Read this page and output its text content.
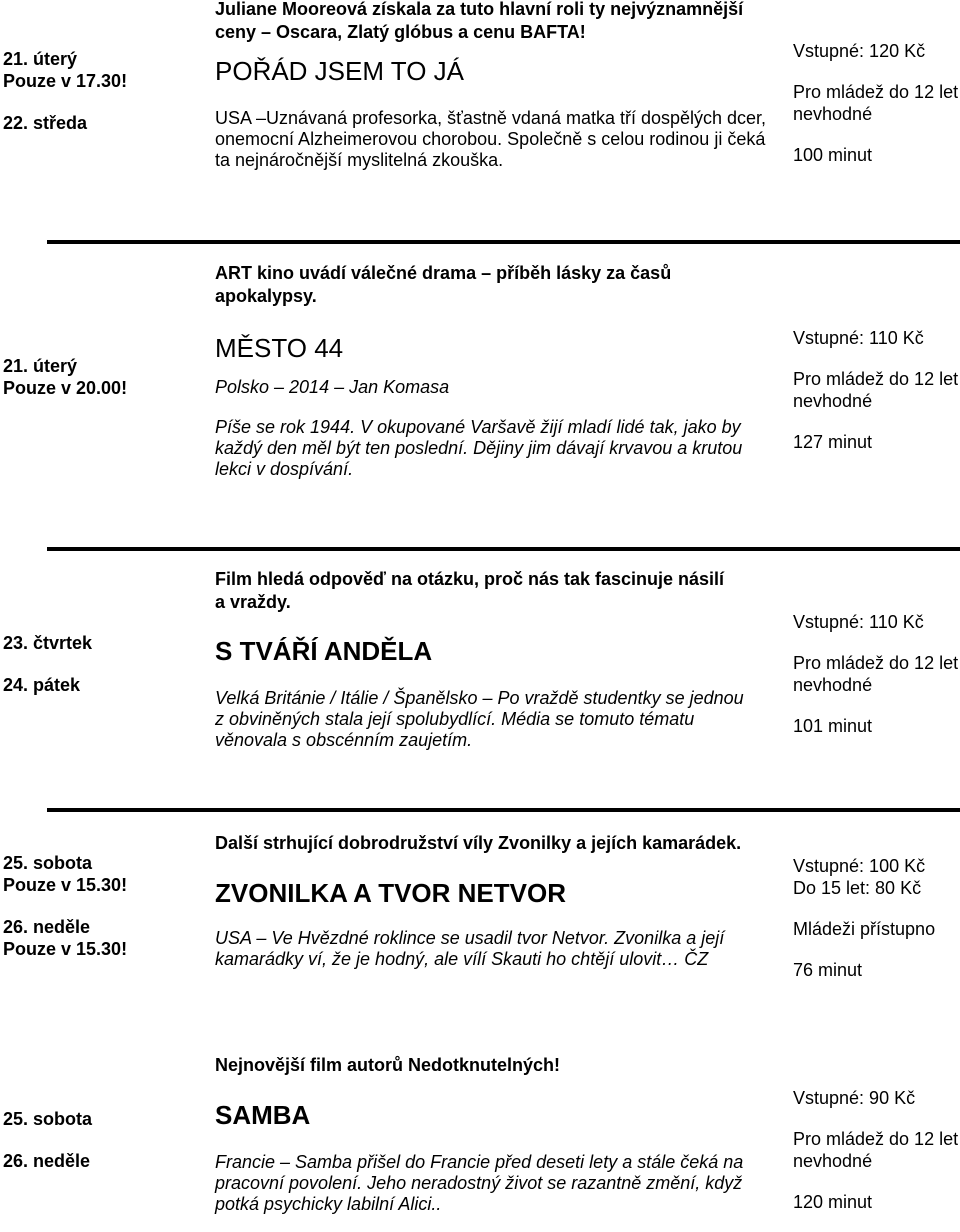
21. úterý
Pouze v 17.30!
22. středa
Juliane Mooreová získala za tuto hlavní roli ty nejvýznamnější
ceny – Oscara, Zlatý glóbus a cenu BAFTA!
POŘÁD JSEM TO JÁ
USA –Uznávaná profesorka, šťastně vdaná matka tří dospělých dcer,
onemocní Alzheimerovou chorobou. Společně s celou rodinou ji čeká
ta nejnáročnější myslitelná zkouška.
Vstupné: 120 Kč
Pro mládež do 12 let
nevhodné
100 minut
21. úterý
Pouze v 20.00!
ART kino uvádí válečné drama – příběh lásky za časů
apokalypsy.
MĚSTO 44
Polsko – 2014 – Jan Komasa
Píše se rok 1944. V okupované Varšavě žijí mladí lidé tak, jako by
každý den měl být ten poslední. Dějiny jim dávají krvavou a krutou
lekci v dospívání.
Vstupné: 110 Kč
Pro mládež do 12 let
nevhodné
127 minut
23. čtvrtek
24. pátek
Film hledá odpověď na otázku, proč nás tak fascinuje násilí
a vraždy.
S TVÁŘÍ ANDĚLA
Velká Británie / Itálie / Španělsko – Po vraždě studentky se jednou
z obviněných stala její spolubydlící. Média se tomuto tématu
věnovala s obscénním zaujetím.
Vstupné: 110 Kč
Pro mládež do 12 let
nevhodné
101 minut
25. sobota
Pouze v 15.30!
26. neděle
Pouze v 15.30!
Další strhující dobrodružství víly Zvonilky a jejích kamarádek.
ZVONILKA A TVOR NETVOR
USA – Ve Hvězdné roklince se usadil tvor Netvor. Zvonilka a její
kamarádky ví, že je hodný, ale vílí Skauti ho chtějí ulovit… ČZ
Vstupné: 100 Kč
Do 15 let: 80 Kč
Mládeži přístupno
76 minut
25. sobota
26. neděle
Nejnovější film autorů Nedotknutelných!
SAMBA
Francie – Samba přišel do Francie před deseti lety a stále čeká na
pracovní povolení. Jeho neradostný život se razantně změní, když
potká psychicky labilní Alici..
Vstupné: 90 Kč
Pro mládež do 12 let
nevhodné
120 minut
